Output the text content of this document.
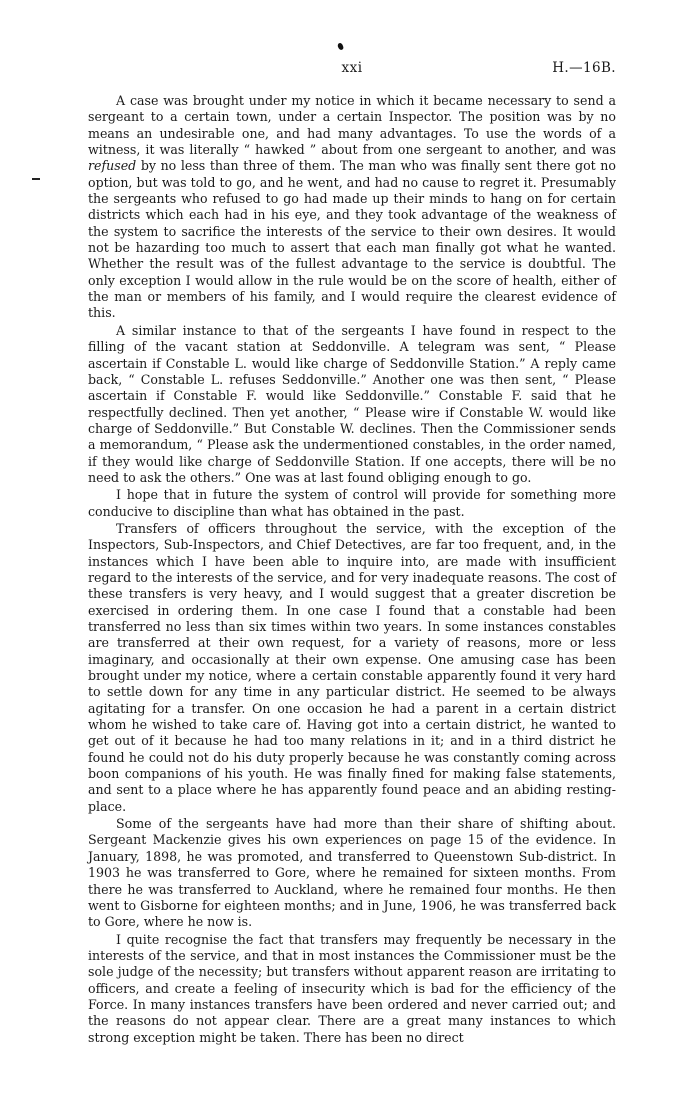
xxi	H.—16B.

A case was brought under my notice in which it became necessary to send a sergeant to a certain town, under a certain Inspector. The position was by no means an undesirable one, and had many advantages. To use the words of a witness, it was literally “ hawked ” about from one sergeant to another, and was refused by no less than three of them. The man who was finally sent there got no option, but was told to go, and he went, and had no cause to regret it. Presumably the sergeants who refused to go had made up their minds to hang on for certain districts which each had in his eye, and they took advantage of the weakness of the system to sacrifice the interests of the service to their own desires. It would not be hazarding too much to assert that each man finally got what he wanted. Whether the result was of the fullest advantage to the service is doubtful. The only exception I would allow in the rule would be on the score of health, either of the man or members of his family, and I would require the clearest evidence of this.

A similar instance to that of the sergeants I have found in respect to the filling of the vacant station at Seddonville. A telegram was sent, “ Please ascertain if Constable L. would like charge of Seddonville Station.” A reply came back, “ Constable L. refuses Seddonville.” Another one was then sent, “ Please ascertain if Constable F. would like Seddonville.” Constable F. said that he respectfully declined. Then yet another, “ Please wire if Constable W. would like charge of Seddonville.” But Constable W. declines. Then the Commissioner sends a memorandum, “ Please ask the undermentioned constables, in the order named, if they would like charge of Seddonville Station. If one accepts, there will be no need to ask the others.” One was at last found obliging enough to go.

I hope that in future the system of control will provide for something more conducive to discipline than what has obtained in the past.

Transfers of officers throughout the service, with the exception of the Inspectors, Sub-Inspectors, and Chief Detectives, are far too frequent, and, in the instances which I have been able to inquire into, are made with insufficient regard to the interests of the service, and for very inadequate reasons. The cost of these transfers is very heavy, and I would suggest that a greater discretion be exercised in ordering them. In one case I found that a constable had been transferred no less than six times within two years. In some instances constables are transferred at their own request, for a variety of reasons, more or less imaginary, and occasionally at their own expense. One amusing case has been brought under my notice, where a certain constable apparently found it very hard to settle down for any time in any particular district. He seemed to be always agitating for a transfer. On one occasion he had a parent in a certain district whom he wished to take care of. Having got into a certain district, he wanted to get out of it because he had too many relations in it; and in a third district he found he could not do his duty properly because he was constantly coming across boon companions of his youth. He was finally fined for making false statements, and sent to a place where he has apparently found peace and an abiding resting-place.

Some of the sergeants have had more than their share of shifting about. Sergeant Mackenzie gives his own experiences on page 15 of the evidence. In January, 1898, he was promoted, and transferred to Queenstown Sub-district. In 1903 he was transferred to Gore, where he remained for sixteen months. From there he was transferred to Auckland, where he remained four months. He then went to Gisborne for eighteen months; and in June, 1906, he was transferred back to Gore, where he now is.

I quite recognise the fact that transfers may frequently be necessary in the interests of the service, and that in most instances the Commissioner must be the sole judge of the necessity; but transfers without apparent reason are irritating to officers, and create a feeling of insecurity which is bad for the efficiency of the Force. In many instances transfers have been ordered and never carried out; and the reasons do not appear clear. There are a great many instances to which strong exception might be taken. There has been no direct
